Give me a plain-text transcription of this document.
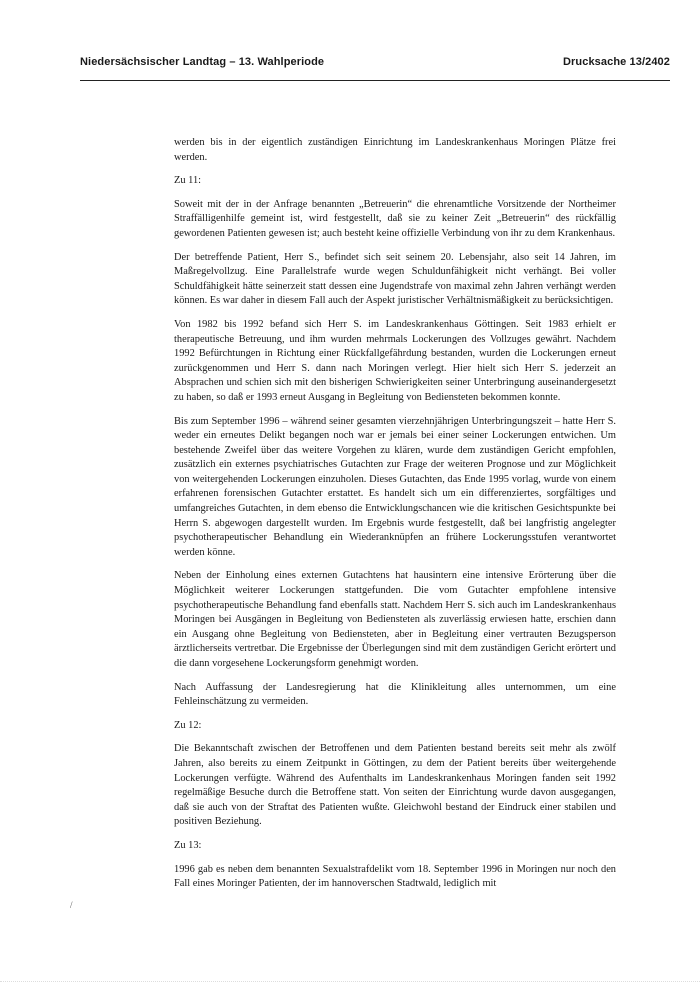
Niedersächsischer Landtag – 13. Wahlperiode	Drucksache 13/2402

werden bis in der eigentlich zuständigen Einrichtung im Landeskrankenhaus Moringen Plätze frei werden.

Zu 11:

Soweit mit der in der Anfrage benannten „Betreuerin“ die ehrenamtliche Vorsitzende der Northeimer Straffälligenhilfe gemeint ist, wird festgestellt, daß sie zu keiner Zeit „Betreuerin“ des rückfällig gewordenen Patienten gewesen ist; auch besteht keine offizielle Verbindung von ihr zu dem Krankenhaus.

Der betreffende Patient, Herr S., befindet sich seit seinem 20. Lebensjahr, also seit 14 Jahren, im Maßregelvollzug. Eine Parallelstrafe wurde wegen Schuldunfähigkeit nicht verhängt. Bei voller Schuldfähigkeit hätte seinerzeit statt dessen eine Jugendstrafe von maximal zehn Jahren verhängt werden können. Es war daher in diesem Fall auch der Aspekt juristischer Verhältnismäßigkeit zu berücksichtigen.

Von 1982 bis 1992 befand sich Herr S. im Landeskrankenhaus Göttingen. Seit 1983 erhielt er therapeutische Betreuung, und ihm wurden mehrmals Lockerungen des Vollzuges gewährt. Nachdem 1992 Befürchtungen in Richtung einer Rückfallgefährdung bestanden, wurden die Lockerungen erneut zurückgenommen und Herr S. dann nach Moringen verlegt. Hier hielt sich Herr S. jederzeit an Absprachen und schien sich mit den bisherigen Schwierigkeiten seiner Unterbringung auseinandergesetzt zu haben, so daß er 1993 erneut Ausgang in Begleitung von Bediensteten bekommen konnte.

Bis zum September 1996 – während seiner gesamten vierzehnjährigen Unterbringungszeit – hatte Herr S. weder ein erneutes Delikt begangen noch war er jemals bei einer seiner Lockerungen entwichen. Um bestehende Zweifel über das weitere Vorgehen zu klären, wurde dem zuständigen Gericht empfohlen, zusätzlich ein externes psychiatrisches Gutachten zur Frage der weiteren Prognose und zur Möglichkeit von weitergehenden Lockerungen einzuholen. Dieses Gutachten, das Ende 1995 vorlag, wurde von einem erfahrenen forensischen Gutachter erstattet. Es handelt sich um ein differenziertes, sorgfältiges und umfangreiches Gutachten, in dem ebenso die Entwicklungschancen wie die kritischen Gesichtspunkte bei Herrn S. abgewogen dargestellt wurden. Im Ergebnis wurde festgestellt, daß bei langfristig angelegter psychotherapeutischer Behandlung ein Wiederanknüpfen an frühere Lockerungsstufen verantwortet werden könne.

Neben der Einholung eines externen Gutachtens hat hausintern eine intensive Erörterung über die Möglichkeit weiterer Lockerungen stattgefunden. Die vom Gutachter empfohlene intensive psychotherapeutische Behandlung fand ebenfalls statt. Nachdem Herr S. sich auch im Landeskrankenhaus Moringen bei Ausgängen in Begleitung von Bediensteten als zuverlässig erwiesen hatte, erschien dann ein Ausgang ohne Begleitung von Bediensteten, aber in Begleitung einer vertrauten Bezugsperson ärztlicherseits vertretbar. Die Ergebnisse der Überlegungen sind mit dem zuständigen Gericht erörtert und die dann vorgesehene Lockerungsform genehmigt worden.

Nach Auffassung der Landesregierung hat die Klinikleitung alles unternommen, um eine Fehleinschätzung zu vermeiden.

Zu 12:

Die Bekanntschaft zwischen der Betroffenen und dem Patienten bestand bereits seit mehr als zwölf Jahren, also bereits zu einem Zeitpunkt in Göttingen, zu dem der Patient bereits über weitergehende Lockerungen verfügte. Während des Aufenthalts im Landeskrankenhaus Moringen fanden seit 1992 regelmäßige Besuche durch die Betroffene statt. Von seiten der Einrichtung wurde davon ausgegangen, daß sie auch von der Straftat des Patienten wußte. Gleichwohl bestand der Eindruck einer stabilen und positiven Beziehung.

Zu 13:

1996 gab es neben dem benannten Sexualstrafdelikt vom 18. September 1996 in Moringen nur noch den Fall eines Moringer Patienten, der im hannoverschen Stadtwald, lediglich mit

/
